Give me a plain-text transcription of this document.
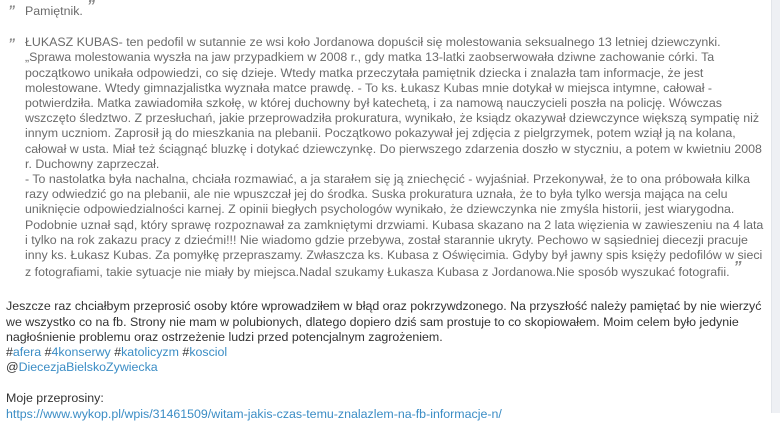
” Pamiętnik. ”
” ŁUKASZ KUBAS- ten pedofil w sutannie ze wsi koło Jordanowa dopuścił się molestowania seksualnego 13 letniej dziewczynki. „Sprawa molestowania wyszła na jaw przypadkiem w 2008 r., gdy matka 13-latki zaobserwowała dziwne zachowanie córki. Ta początkowo unikała odpowiedzi, co się dzieje. Wtedy matka przeczytała pamiętnik dziecka i znalazła tam informacje, że jest molestowane. Wtedy gimnazjalistka wyznała matce prawdę. - To ks. Łukasz Kubas mnie dotykał w miejsca intymne, całował - potwierdziła. Matka zawiadomiła szkołę, w której duchowny był katechetą, i za namową nauczycieli poszła na policję. Wówczas wszczęto śledztwo. Z przesłuchań, jakie przeprowadziła prokuratura, wynikało, że ksiądz okazywał dziewczynce większą sympatię niż innym uczniom. Zaprosił ją do mieszkania na plebanii. Początkowo pokazywał jej zdjęcia z pielgrzymek, potem wziął ją na kolana, całował w usta. Miał też ściągnąć bluzkę i dotykać dziewczynkę. Do pierwszego zdarzenia doszło w styczniu, a potem w kwietniu 2008 r. Duchowny zaprzeczał.

- To nastolatka była nachalna, chciała rozmawiać, a ja starałem się ją zniechęcić - wyjaśniał. Przekonywał, że to ona próbowała kilka razy odwiedzić go na plebanii, ale nie wpuszczał jej do środka. Suska prokuratura uznała, że to była tylko wersja mająca na celu uniknięcie odpowiedzialności karnej. Z opinii biegłych psychologów wynikało, że dziewczynka nie zmyśla historii, jest wiarygodna. Podobnie uznał sąd, który sprawę rozpoznawał za zamkniętymi drzwiami. Kubasa skazano na 2 lata więzienia w zawieszeniu na 4 lata i tylko na rok zakazu pracy z dziećmi!!! Nie wiadomo gdzie przebywa, został starannie ukryty. Pechowo w sąsiedniej diecezji pracuje inny ks. Łukasz Kubas. Za pomyłkę przepraszamy. Zwłaszcza ks. Kubasa z Oświęcimia. Gdyby był jawny spis księży pedofilów w sieci z fotografiami, takie sytuacje nie miały by miejsca.Nadal szukamy Łukasza Kubasa z Jordanowa.Nie sposób wyszukać fotografii. ”

Jeszcze raz chciałbym przeprosić osoby które wprowadziłem w błąd oraz pokrzywdzonego. Na przyszłość należy pamiętać by nie wierzyć we wszystko co na fb. Strony nie mam w polubionych, dlatego dopiero dziś sam prostuje to co skopiowałem. Moim celem było jedynie nagłośnienie problemu oraz ostrzeżenie ludzi przed potencjalnym zagrożeniem.

#afera #4konserwy #katolicyzm #kosciol

@DiecezjaBielskoZywiecka

Moje przeprosiny:

https://www.wykop.pl/wpis/31461509/witam-jakis-czas-temu-znalazlem-na-fb-informacje-n/
